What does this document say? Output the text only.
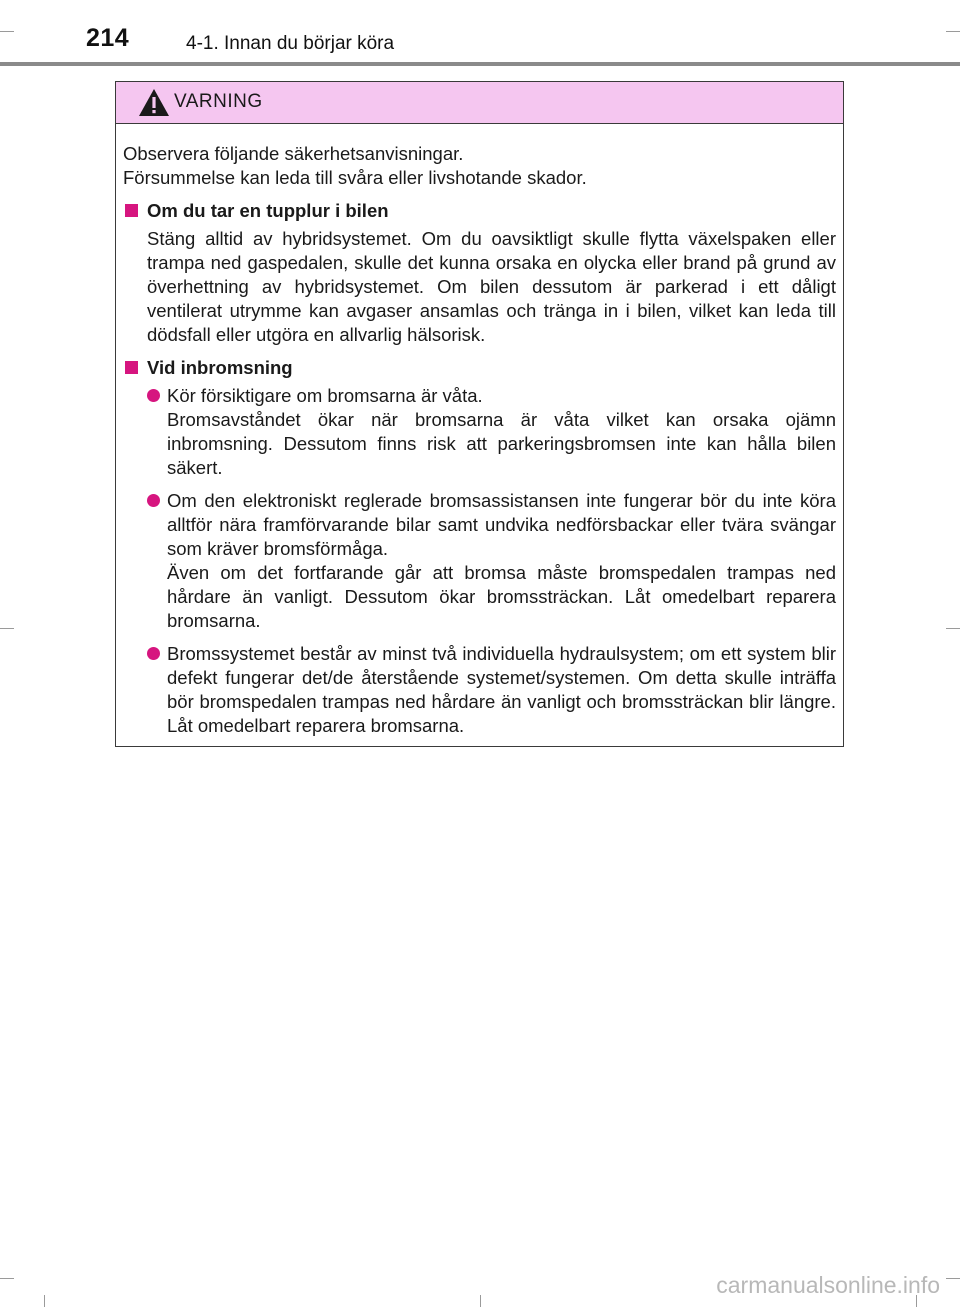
214	4-1. Innan du börjar köra
VARNING

Observera följande säkerhetsanvisningar.

Försummelse kan leda till svåra eller livshotande skador.

Om du tar en tupplur i bilen

Stäng alltid av hybridsystemet. Om du oavsiktligt skulle flytta växelspaken eller trampa ned gaspedalen, skulle det kunna orsaka en olycka eller brand på grund av överhettning av hybridsystemet. Om bilen dessutom är parkerad i ett dåligt ventilerat utrymme kan avgaser ansamlas och tränga in i bilen, vilket kan leda till dödsfall eller utgöra en allvarlig hälsorisk.

Vid inbromsning

Kör försiktigare om bromsarna är våta.

Bromsavståndet ökar när bromsarna är våta vilket kan orsaka ojämn inbromsning. Dessutom finns risk att parkeringsbromsen inte kan hålla bilen säkert.

Om den elektroniskt reglerade bromsassistansen inte fungerar bör du inte köra alltför nära framförvarande bilar samt undvika nedförsbackar eller tvära svängar som kräver bromsförmåga.

Även om det fortfarande går att bromsa måste bromspedalen trampas ned hårdare än vanligt. Dessutom ökar bromssträckan. Låt omedelbart reparera bromsarna.

Bromssystemet består av minst två individuella hydraulsystem; om ett system blir defekt fungerar det/de återstående systemet/systemen. Om detta skulle inträffa bör bromspedalen trampas ned hårdare än vanligt och bromssträckan blir längre. Låt omedelbart reparera bromsarna.

carmanualsonline.info
